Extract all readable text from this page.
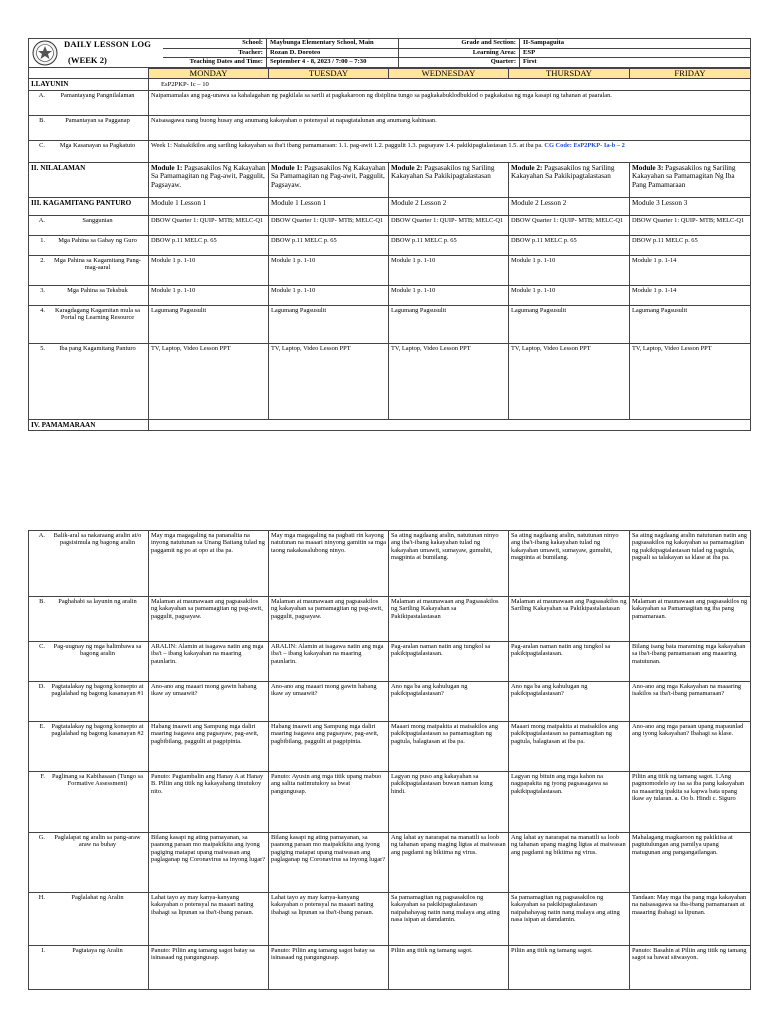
DAILY LESSON LOG
(WEEK 2)	School:	Maybunga Elementary School, Main	Grade and Section:	II-Sampaguita
	Teacher:	Rozan D. Doroteo	Learning Area:	ESP
	Teaching Dates and Time:	September 4 - 8, 2023 / 7:00 – 7:30	Quarter:	First
	MONDAY	TUESDAY	WEDNESDAY	THURSDAY	FRIDAY
I.LAYUNIN	EsP2PKP- Ic – 10				

A. Pamantayang Pangnilalaman	Naipamamalas ang pag-unawa sa kahalagahan ng pagkilala sa sarili at pagkakaroon ng disiplina tungo sa pagkakabuklodbuklod o pagkakaisa ng mga kasapi ng tahanan at paaralan.				

B. Pamantayan sa Pagganap	Naisasagawa nang buong husay ang anumang kakayahan o potensyal at napagtatalunan ang anumang kahinaan.				

C. Mga Kasanayan sa Pagkatuto	Week 1: Naisakikilos ang sariling kakayahan sa iba't ibang pamamaraan: 1.1. pag-awit 1.2. paggulit 1.3. pagsayaw 1.4. pakikipagtalastasan 1.5. at iba pa. CG Code: EsP2PKP- Ia-b – 2				
II. NILALAMAN	Module 1: Pagsasakilos Ng Kakayahan Sa Pamamagitan ng Pag-awit, Paggulit, Pagsayaw.	Module 1: Pagsasakilos Ng Kakayahan Sa Pamamagitan ng Pag-awit, Paggulit, Pagsayaw.	Module 2: Pagsasakilos ng Sariling Kakayahan Sa Pakikipagtalastasan	Module 2: Pagsasakilos ng Sariling Kakayahan Sa Pakikipagtalastasan	Module 3: Pagsasakilos ng Sariling Kakayahan sa Pamamagitan Ng Iba Pang Pamamaraan
III. KAGAMITANG PANTURO	Module 1 Lesson 1	Module 1 Lesson 1	Module 2 Lesson 2	Module 2 Lesson 2	Module 3 Lesson 3

A. Sanggunian	DBOW Quarter 1: QUIP- MTB; MELC-Q1	DBOW Quarter 1: QUIP- MTB; MELC-Q1	DBOW Quarter 1: QUIP- MTB; MELC-Q1	DBOW Quarter 1: QUIP- MTB; MELC-Q1	DBOW Quarter 1: QUIP- MTB; MELC-Q1

1. Mga Pahina sa Gabay ng Guro	DBOW p.11 MELC p. 65	DBOW p.11 MELC p. 65	DBOW p.11 MELC p. 65	DBOW p.11 MELC p. 65	DBOW p.11 MELC p. 65

2. Mga Pahina sa Kagamitang Pang-mag-aaral	Module 1 p. 1-10	Module 1 p. 1-10	Module 1 p. 1-10	Module 1 p. 1-10	Module 1 p. 1-14

3. Mga Pahina sa Teksbuk	Module 1 p. 1-10	Module 1 p. 1-10	Module 1 p. 1-10	Module 1 p. 1-10	Module 1 p. 1-14

4. Karagdagang Kagamitan mula sa Portal ng Learning Resource	Lagumang Pagsusulit	Lagumang Pagsusulit	Lagumang Pagsusulit	Lagumang Pagsusulit	Lagumang Pagsusulit

5. Iba pang Kagamitang Panturo	TV, Laptop, Video Lesson PPT	TV, Laptop, Video Lesson PPT	TV, Laptop, Video Lesson PPT	TV, Laptop, Video Lesson PPT	TV, Laptop, Video Lesson PPT
IV. PAMAMARAAN					
A. Balik-aral sa nakaraang aralin at/o pagsisimula ng bagong aralin	May mga magagaling na pananalita na inyong natutunan sa Unang Baitang tulad ng paggamit ng po at opo at iba pa.	May mga magagaling na pagbati rin kayong natutunan na maaari ninyong gamitin sa mga taong nakakasalubong ninyo.	Sa ating nagdaang aralin, natutunan ninyo ang iba't-ibang kakayahan tulad ng kakayahan umawit, sumayaw, gumuhit, magpinta at bumilang.	Sa ating nagdaang aralin, natutunan ninyo ang iba't-ibang kakayahan tulad ng kakayahan umawit, sumayaw, gumuhit, magpinta at bumilang.	Sa ating nagdaang aralin natutunan natin ang pagsasakilos ng kakayahan sa pamamagitan ng pakikipagtalastasan tulad ng pagtula, pagsali sa talakayan sa klase at iba pa.

B. Paghahabi sa layunin ng aralin	Malaman at maunawaan ang pagsasakilos ng kakayahan sa pamamagitan ng pag-awit, paggulit, pagsayaw.	Malaman at maunawaan ang pagsasakilos ng kakayahan sa pamamagitan ng pag-awit, paggulit, pagsayaw.	Malaman at maunawaan ang Pagsasakilos ng Sariling Kakayahan sa Pakikipastalastasan	Malaman at maunawaan ang Pagsasakilos ng Sariling Kakayahan sa Pakikipastalastasan	Malaman at maunawaan ang pagsasakilos ng kakayahan sa Pamamagitan ng iba pang pamamaraan.

C. Pag-uugnay ng mga halimbawa sa bagong aralin	ARALIN: Alamin at isagawa natin ang mga iba't – ibang kakayahan na maaring paunlarin.	ARALIN: Alamin at isagawa natin ang mga iba't – ibang kakayahan na maaring paunlarin.	Pag-aralan naman natin ang tungkol sa pakikipagtalastasan.	Pag-aralan naman natin ang tungkol sa pakikipagtalastasan.	Bilang isang bata maraming mga kakayahan sa iba't-ibang pamamaraan ang maaaring matutunan.

D. Pagtatalakay ng bagong konsepto at paglalahad ng bagong kasanayan #1	Ano-ano ang maaari mong gawin habang ikaw ay umaawit?	Ano-ano ang maaari mong gawin habang ikaw ay umaawit?	Ano nga ba ang kahulugan ng pakikipagtalastasan?	Ano nga ba ang kahulugan ng pakikipagtalastasan?	Ano-ano ang mga Kakayahan na maaaring isakilos sa iba't-ibang pamamaraan?

E. Pagtatalakay ng bagong konsepto at paglalahad ng bagong kasanayan #2	Habang inaawit ang Sampung mga daliri maaring isagawa ang pagsayaw, pag-awit, pagbibilang, paggulit at pagpipinta.	Habang inaawit ang Sampung mga daliri maaring isagawa ang pagsayaw, pag-awit, pagbibilang, paggulit at pagpipinta.	Maaari mong maipakita at maisakilos ang pakikipagtalastasan sa pamamagitan ng pagtula, balagtasan at iba pa.	Maaari mong maipakita at maisakilos ang pakikipagtalastasan sa pamamagitan ng pagtula, balagtasan at iba pa.	Ano-ano ang mga paraan upang mapaunlad ang iyong kakayahan? Ibahagi sa klase.

F. Paglinang sa Kabihasaan (Tungo sa Formative Assessment)	Panuto: Pagtambalin ang Hanay A at Hanay B. Piliin ang titik ng kakayahang tinutukoy nito.	Panuto: Ayusin ang mga titik upang mabuo ang salita natimutukoy sa bwat pangungusap.	Lagyan ng puso ang kakayahan sa pakikipagtalastasan buwan naman kung hindi.	Lagyan ng bituin ang mga kahon na nagpapakita ng iyong pagsasagawa sa pakikipagtalastasan.	Piliin ang titik ng tamang sagot. 1.Ang pagmomodelo ay isa sa iba pang kakayahan na maaaring ipakita sa kapwa bata upang ikaw ay tularan. a. Oo b. Hindi c. Siguro

G. Paglalapat ng aralin sa pang-araw araw na buhay	Bilang kasapi ng ating pamayanan, sa paanong paraan mo maipakikita ang iyong pagiging matapat upang maiwasan ang paglaganap ng Coronavirus sa inyong lugar?	Bilang kasapi ng ating pamayanan, sa paanong paraan mo maipakikita ang iyong pagiging matapat upang maiwasan ang paglaganap ng Coronavirus sa inyong lugar?	Ang lahat ay nararapat na manatili sa loob ng tahanan upang maging ligtas at maiwasan ang pagdami ng biktima ng virus.	Ang lahat ay nararapat na manatili sa loob ng tahanan upang maging ligtas at maiwasan ang pagdami ng biktima ng virus.	Mahalagang magkaroon ng pakikiisa at pagtutulungan ang pamilya upang matugunan ang pangangailangan.

H. Paglalahat ng Aralin	Lahat tayo ay may kanya-kanyang kakayahan o potensyal na maaari nating ibahagi sa lipunan sa iba't-ibang paraan.	Lahat tayo ay may kanya-kanyang kakayahan o potensyal na maaari nating ibahagi sa lipunan sa iba't-ibang paraan.	Sa pamamagitan ng pagsasakilos ng kakayahan sa pakikipagtalastasan naipahahayag natin nang malaya ang ating nasa isipan at damdamin.	Sa pamamagitan ng pagsasakilos ng kakayahan sa pakikipagtalastasan naipahahayag natin nang malaya ang ating nasa isipan at damdamin.	Tandaan: May mga iba pang mga kakayahan na naisasagawa sa iba-ibang pamamaraan at maaaring ibahagi sa lipunan.

I. Pagtataya ng Aralin	Panuto: Piliin ang tamang sagot batay sa isinasaad ng pangungusap.	Panuto: Piliin ang tamang sagot batay sa isinasaad ng pangungusap.	Piliin ang titik ng tamang sagot.	Piliin ang titik ng tamang sagot.	Panuto: Basahin at Piliin ang titik ng tamang sagot sa bawat sitwasyon.
